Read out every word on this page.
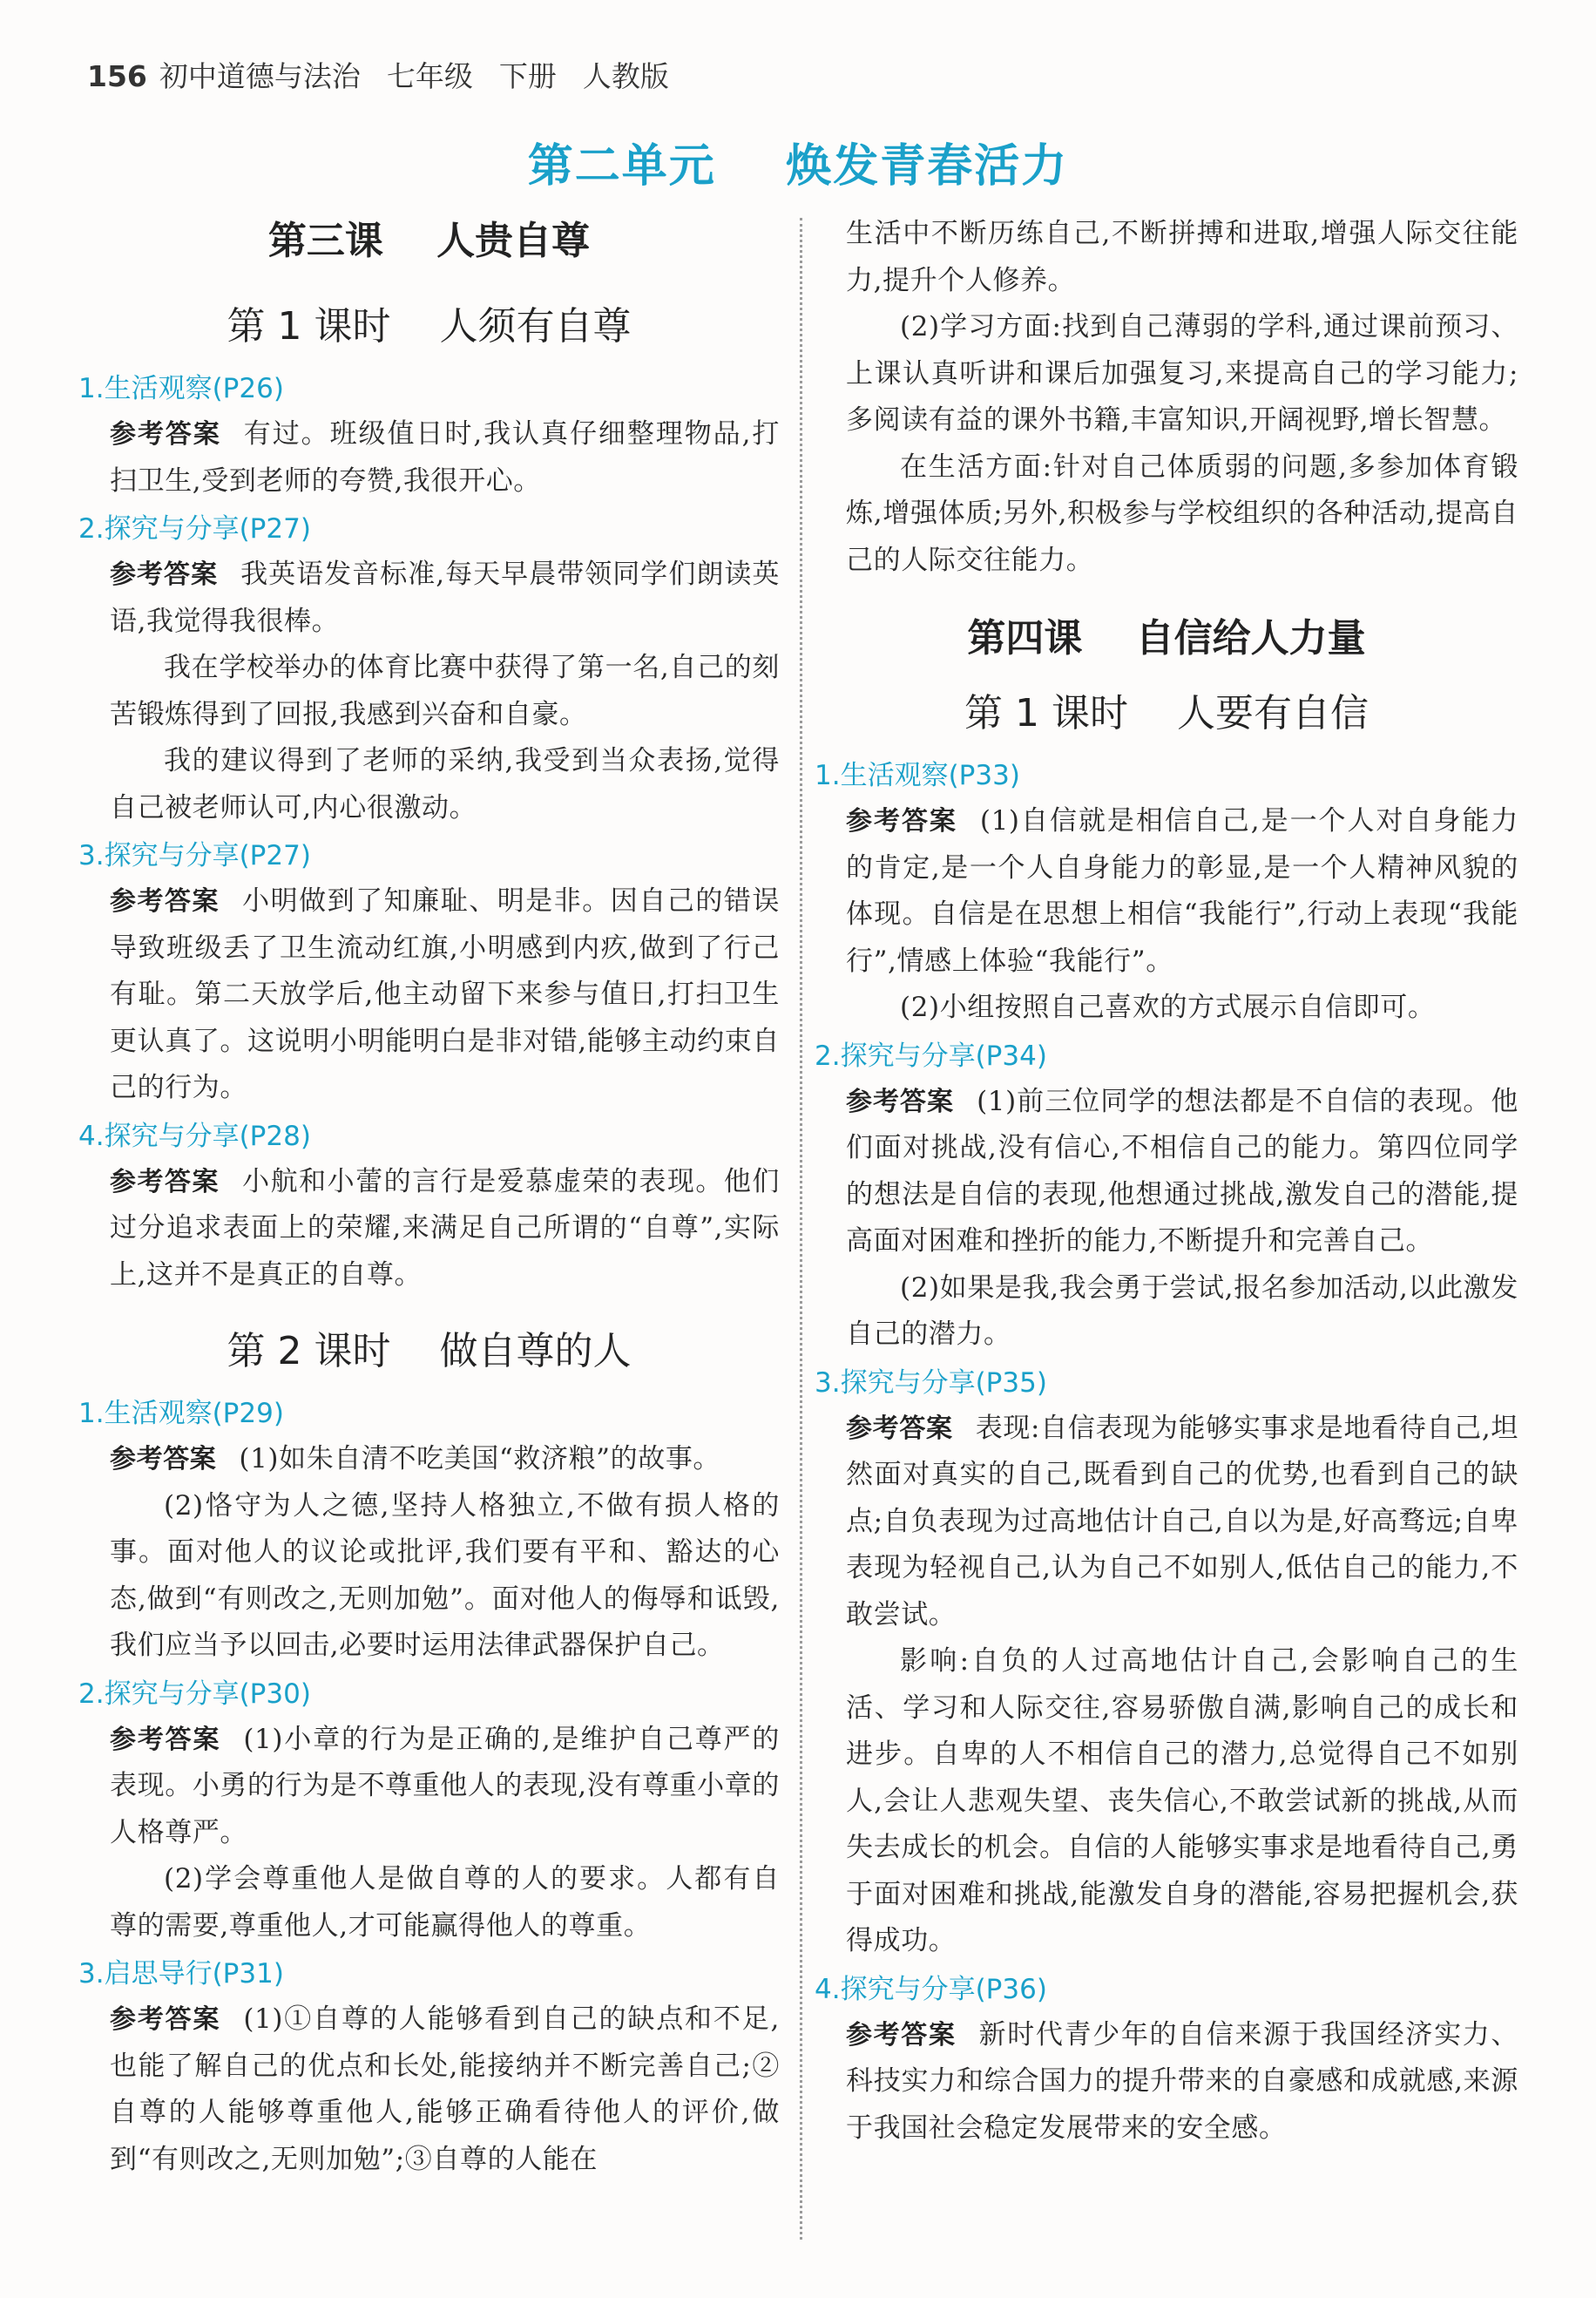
156 初中道德与法治 七年级 下册 人教版
第二单元    焕发青春活力
第三课    人贵自尊
第 1 课时    人须有自尊
1.生活观察(P26)

参考答案 有过。班级值日时,我认真仔细整理物品,打扫卫生,受到老师的夸赞,我很开心。

2.探究与分享(P27)

参考答案 我英语发音标准,每天早晨带领同学们朗读英语,我觉得我很棒。

我在学校举办的体育比赛中获得了第一名,自己的刻苦锻炼得到了回报,我感到兴奋和自豪。

我的建议得到了老师的采纳,我受到当众表扬,觉得自己被老师认可,内心很激动。

3.探究与分享(P27)

参考答案 小明做到了知廉耻、明是非。因自己的错误导致班级丢了卫生流动红旗,小明感到内疚,做到了行己有耻。第二天放学后,他主动留下来参与值日,打扫卫生更认真了。这说明小明能明白是非对错,能够主动约束自己的行为。

4.探究与分享(P28)

参考答案 小航和小蕾的言行是爱慕虚荣的表现。他们过分追求表面上的荣耀,来满足自己所谓的“自尊”,实际上,这并不是真正的自尊。

第 2 课时    做自尊的人
1.生活观察(P29)

参考答案 (1)如朱自清不吃美国“救济粮”的故事。

(2)恪守为人之德,坚持人格独立,不做有损人格的事。面对他人的议论或批评,我们要有平和、豁达的心态,做到“有则改之,无则加勉”。面对他人的侮辱和诋毁,我们应当予以回击,必要时运用法律武器保护自己。

2.探究与分享(P30)

参考答案 (1)小章的行为是正确的,是维护自己尊严的表现。小勇的行为是不尊重他人的表现,没有尊重小章的人格尊严。

(2)学会尊重他人是做自尊的人的要求。人都有自尊的需要,尊重他人,才可能赢得他人的尊重。

3.启思导行(P31)

参考答案 (1)①自尊的人能够看到自己的缺点和不足,也能了解自己的优点和长处,能接纳并不断完善自己;②自尊的人能够尊重他人,能够正确看待他人的评价,做到“有则改之,无则加勉”;③自尊的人能在

生活中不断历练自己,不断拼搏和进取,增强人际交往能力,提升个人修养。

(2)学习方面:找到自己薄弱的学科,通过课前预习、上课认真听讲和课后加强复习,来提高自己的学习能力;多阅读有益的课外书籍,丰富知识,开阔视野,增长智慧。

在生活方面:针对自己体质弱的问题,多参加体育锻炼,增强体质;另外,积极参与学校组织的各种活动,提高自己的人际交往能力。

第四课    自信给人力量
第 1 课时    人要有自信
1.生活观察(P33)

参考答案 (1)自信就是相信自己,是一个人对自身能力的肯定,是一个人自身能力的彰显,是一个人精神风貌的体现。自信是在思想上相信“我能行”,行动上表现“我能行”,情感上体验“我能行”。

(2)小组按照自己喜欢的方式展示自信即可。

2.探究与分享(P34)

参考答案 (1)前三位同学的想法都是不自信的表现。他们面对挑战,没有信心,不相信自己的能力。第四位同学的想法是自信的表现,他想通过挑战,激发自己的潜能,提高面对困难和挫折的能力,不断提升和完善自己。

(2)如果是我,我会勇于尝试,报名参加活动,以此激发自己的潜力。

3.探究与分享(P35)

参考答案 表现:自信表现为能够实事求是地看待自己,坦然面对真实的自己,既看到自己的优势,也看到自己的缺点;自负表现为过高地估计自己,自以为是,好高骛远;自卑表现为轻视自己,认为自己不如别人,低估自己的能力,不敢尝试。

影响:自负的人过高地估计自己,会影响自己的生活、学习和人际交往,容易骄傲自满,影响自己的成长和进步。自卑的人不相信自己的潜力,总觉得自己不如别人,会让人悲观失望、丧失信心,不敢尝试新的挑战,从而失去成长的机会。自信的人能够实事求是地看待自己,勇于面对困难和挑战,能激发自身的潜能,容易把握机会,获得成功。

4.探究与分享(P36)

参考答案 新时代青少年的自信来源于我国经济实力、科技实力和综合国力的提升带来的自豪感和成就感,来源于我国社会稳定发展带来的安全感。
